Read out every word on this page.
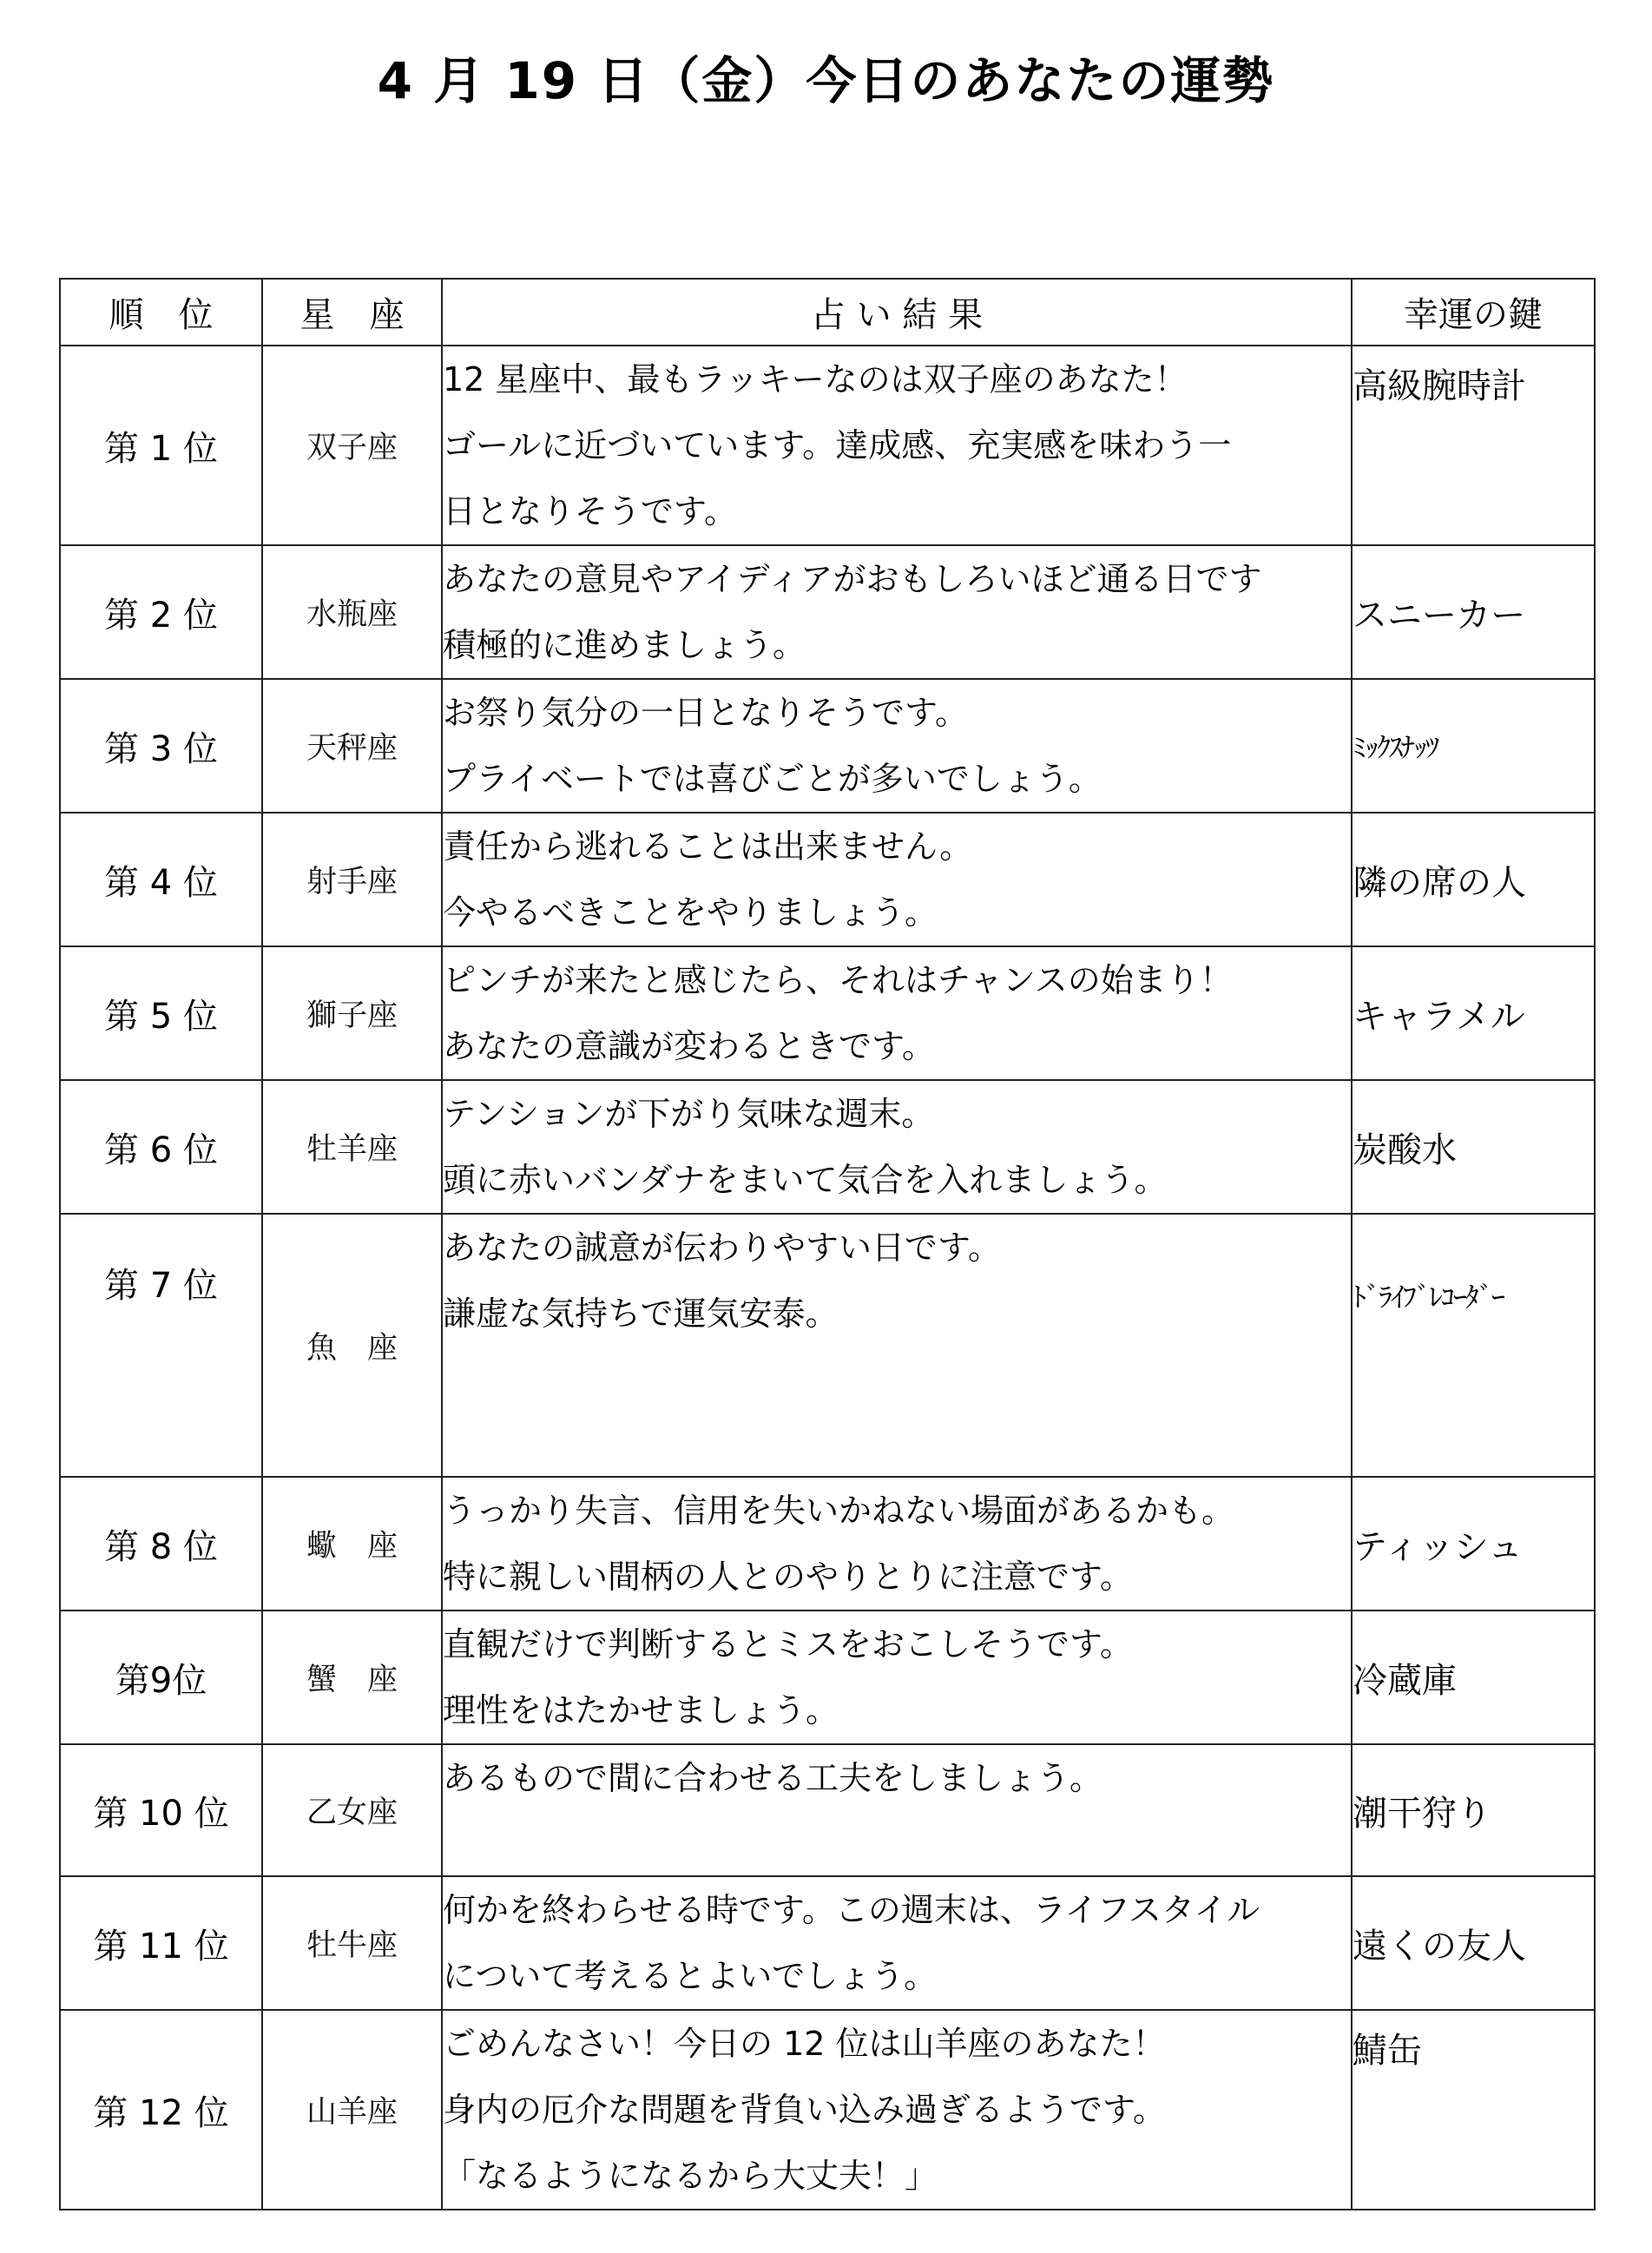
4 月 19 日（金）今日のあなたの運勢
順　位	星　座	占 い 結 果	幸運の鍵
第 1 位	双子座	12 星座中、最もラッキーなのは双子座のあなた！
ゴールに近づいています。達成感、充実感を味わう一
日となりそうです。	高級腕時計
第 2 位	水瓶座	あなたの意見やアイディアがおもしろいほど通る日です
積極的に進めましょう。	スニーカー
第 3 位	天秤座	お祭り気分の一日となりそうです。
プライベートでは喜びごとが多いでしょう。	ﾐｯｸｽﾅｯﾂ
第 4 位	射手座	責任から逃れることは出来ません。
今やるべきことをやりましょう。	隣の席の人
第 5 位	獅子座	ピンチが来たと感じたら、それはチャンスの始まり！
あなたの意識が変わるときです。	キャラメル
第 6 位	牡羊座	テンションが下がり気味な週末。
頭に赤いバンダナをまいて気合を入れましょう。	炭酸水
第 7 位	魚　座	あなたの誠意が伝わりやすい日です。
謙虚な気持ちで運気安泰。	ﾄﾞﾗｲﾌﾞﾚｺｰﾀﾞｰ
第 8 位	蠍　座	うっかり失言、信用を失いかねない場面があるかも。
特に親しい間柄の人とのやりとりに注意です。	ティッシュ
第9位	蟹　座	直観だけで判断するとミスをおこしそうです。
理性をはたかせましょう。	冷蔵庫
第 10 位	乙女座	あるもので間に合わせる工夫をしましょう。	潮干狩り
第 11 位	牡牛座	何かを終わらせる時です。この週末は、ライフスタイル
について考えるとよいでしょう。	遠くの友人
第 12 位	山羊座	ごめんなさい！今日の 12 位は山羊座のあなた！
身内の厄介な問題を背負い込み過ぎるようです。
「なるようになるから大丈夫！」	鯖缶
